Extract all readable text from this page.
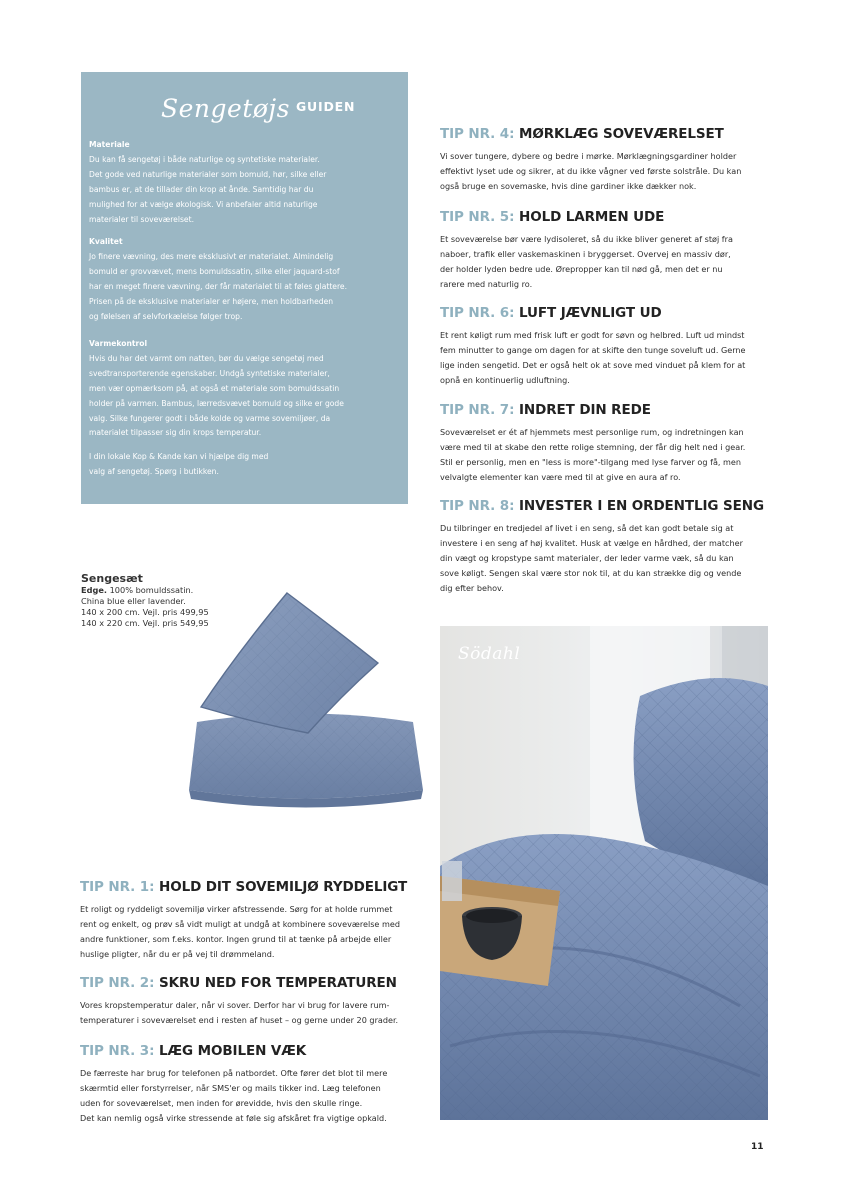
Sengetøjs $^{GUIDEN}$
Materiale

Du kan få sengetøj i både naturlige og syntetiske materialer.

Det gode ved naturlige materialer som bomuld, hør, silke eller

bambus er, at de tillader din krop at ånde. Samtidig har du

mulighed for at vælge økologisk. Vi anbefaler altid naturlige

materialer til soveværelset.

Kvalitet

Jo finere vævning, des mere eksklusivt er materialet. Almindelig

bomuld er grovvævet, mens bomuldssatin, silke eller jaquard-stof

har en meget finere vævning, der får materialet til at føles glattere.

Prisen på de eksklusive materialer er højere, men holdbarheden

og følelsen af selvforkælelse følger trop.

Varmekontrol

Hvis du har det varmt om natten, bør du vælge sengetøj med

svedtransporterende egenskaber. Undgå syntetiske materialer,

men vær opmærksom på, at også et materiale som bomuldssatin

holder på varmen. Bambus, lærredsvævet bomuld og silke er gode

valg. Silke fungerer godt i både kolde og varme sovemiljøer, da

materialet tilpasser sig din krops temperatur.

I din lokale Kop & Kande kan vi hjælpe dig med

valg af sengetøj. Spørg i butikken.

Sengesæt
Edge. 100% bomuldssatin.
China blue eller lavender.
140 x 200 cm. Vejl. pris 499,95
140 x 220 cm. Vejl. pris 549,95
TIP NR. 1: HOLD DIT SOVEMILJØ RYDDELIGT

Et roligt og ryddeligt sovemiljø virker afstressende. Sørg for at holde rummet

rent og enkelt, og prøv så vidt muligt at undgå at kombinere soveværelse med

andre funktioner, som f.eks. kontor. Ingen grund til at tænke på arbejde eller

huslige pligter, når du er på vej til drømmeland.

TIP NR. 2: SKRU NED FOR TEMPERATUREN

Vores kropstemperatur daler, når vi sover. Derfor har vi brug for lavere rum-

temperaturer i soveværelset end i resten af huset – og gerne under 20 grader.

TIP NR. 3: LÆG MOBILEN VÆK

De færreste har brug for telefonen på natbordet. Ofte fører det blot til mere

skærmtid eller forstyrrelser, når SMS'er og mails tikker ind. Læg telefonen

uden for soveværelset, men inden for ørevidde, hvis den skulle ringe.

Det kan nemlig også virke stressende at føle sig afskåret fra vigtige opkald.

TIP NR. 4: MØRKLÆG SOVEVÆRELSET

Vi sover tungere, dybere og bedre i mørke. Mørklægningsgardiner holder

effektivt lyset ude og sikrer, at du ikke vågner ved første solstråle. Du kan

også bruge en sovemaske, hvis dine gardiner ikke dækker nok.

TIP NR. 5: HOLD LARMEN UDE

Et soveværelse bør være lydisoleret, så du ikke bliver generet af støj fra

naboer, trafik eller vaskemaskinen i bryggerset. Overvej en massiv dør,

der holder lyden bedre ude. Ørepropper kan til nød gå, men det er nu

rarere med naturlig ro.

TIP NR. 6: LUFT JÆVNLIGT UD

Et rent køligt rum med frisk luft er godt for søvn og helbred. Luft ud mindst

fem minutter to gange om dagen for at skifte den tunge soveluft ud. Gerne

lige inden sengetid. Det er også helt ok at sove med vinduet på klem for at

opnå en kontinuerlig udluftning.

TIP NR. 7: INDRET DIN REDE

Soveværelset er ét af hjemmets mest personlige rum, og indretningen kan

være med til at skabe den rette rolige stemning, der får dig helt ned i gear.

Stil er personlig, men en "less is more"-tilgang med lyse farver og få, men

velvalgte elementer kan være med til at give en aura af ro.

TIP NR. 8: INVESTER I EN ORDENTLIG SENG

Du tilbringer en tredjedel af livet i en seng, så det kan godt betale sig at

investere i en seng af høj kvalitet. Husk at vælge en hårdhed, der matcher

din vægt og kropstype samt materialer, der leder varme væk, så du kan

sove køligt. Sengen skal være stor nok til, at du kan strække dig og vende

dig efter behov.

Södahl
11
